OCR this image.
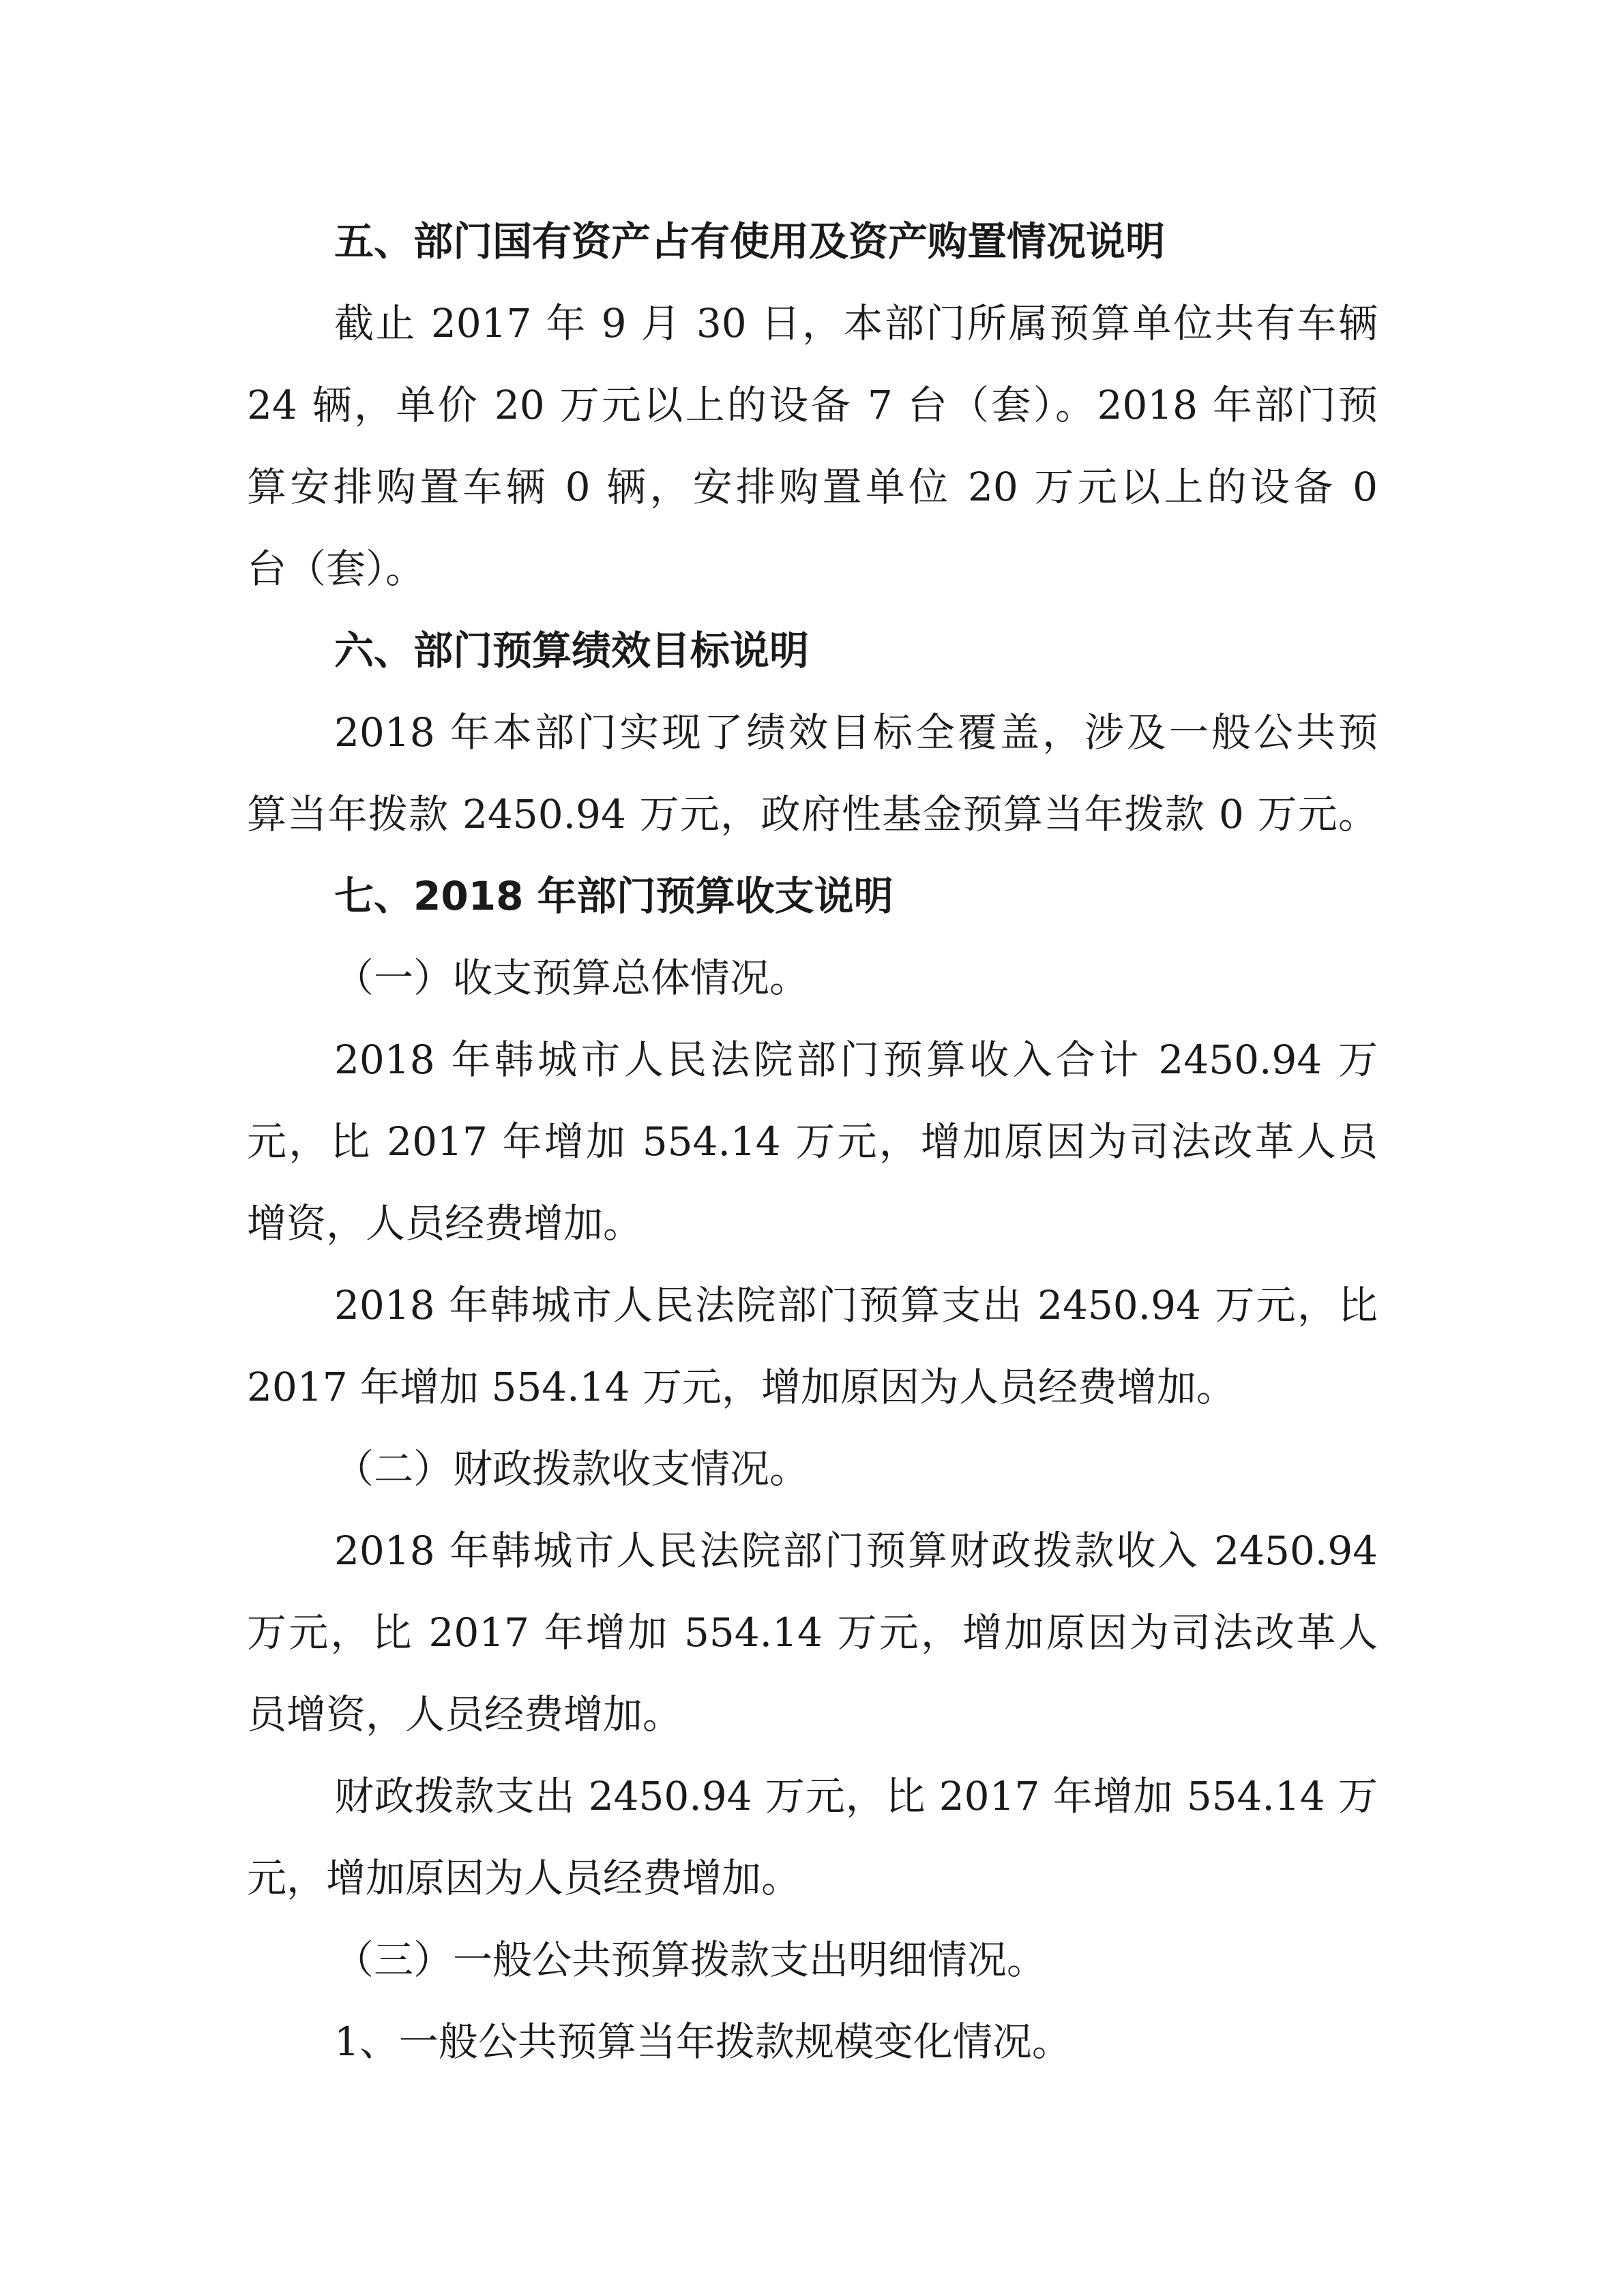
五、部门国有资产占有使用及资产购置情况说明
截止 2017 年 9 月 30 日，本部门所属预算单位共有车辆
24 辆，单价 20 万元以上的设备 7 台（套）。2018 年部门预
算安排购置车辆 0 辆，安排购置单位 20 万元以上的设备 0
台（套）。
六、部门预算绩效目标说明
2018 年本部门实现了绩效目标全覆盖，涉及一般公共预
算当年拨款 2450.94 万元，政府性基金预算当年拨款 0 万元。
七、2018 年部门预算收支说明
（一）收支预算总体情况。
2018 年韩城市人民法院部门预算收入合计 2450.94 万
元，比 2017 年增加 554.14 万元，增加原因为司法改革人员
增资，人员经费增加。
2018 年韩城市人民法院部门预算支出 2450.94 万元，比
2017 年增加 554.14 万元，增加原因为人员经费增加。
（二）财政拨款收支情况。
2018 年韩城市人民法院部门预算财政拨款收入 2450.94
万元，比 2017 年增加 554.14 万元，增加原因为司法改革人
员增资，人员经费增加。
财政拨款支出 2450.94 万元，比 2017 年增加 554.14 万
元，增加原因为人员经费增加。
（三）一般公共预算拨款支出明细情况。
1、一般公共预算当年拨款规模变化情况。
